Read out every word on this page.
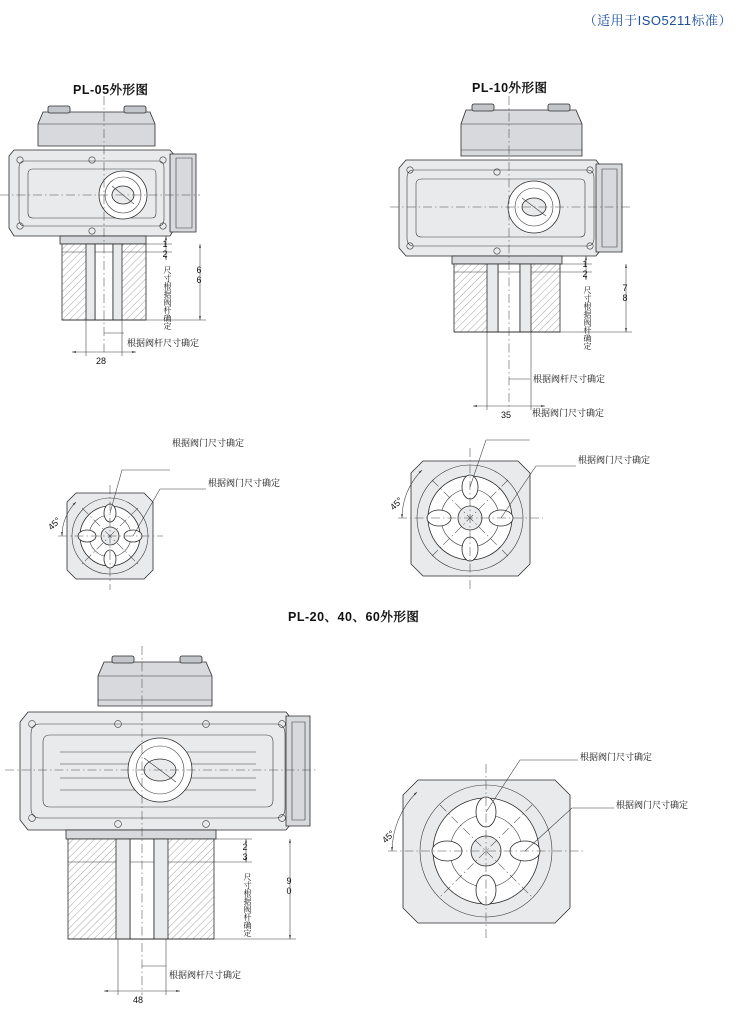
（适用于ISO5211标准）
PL-05外形图	PL-10外形图
PL-20、40、60外形图
12
尺寸根据阀杆确定 66
根据阀杆尺寸确定
28
根据阀门尺寸确定
根据阀门尺寸确定
45°
12
尺寸根据阀杆确定	78
根据阀杆尺寸确定
35 根据阀门尺寸确定
根据阀门尺寸确定
45°
23
尺寸根据阀杆确定	90
根据阀杆尺寸确定
48
根据阀门尺寸确定
根据阀门尺寸确定
45°
